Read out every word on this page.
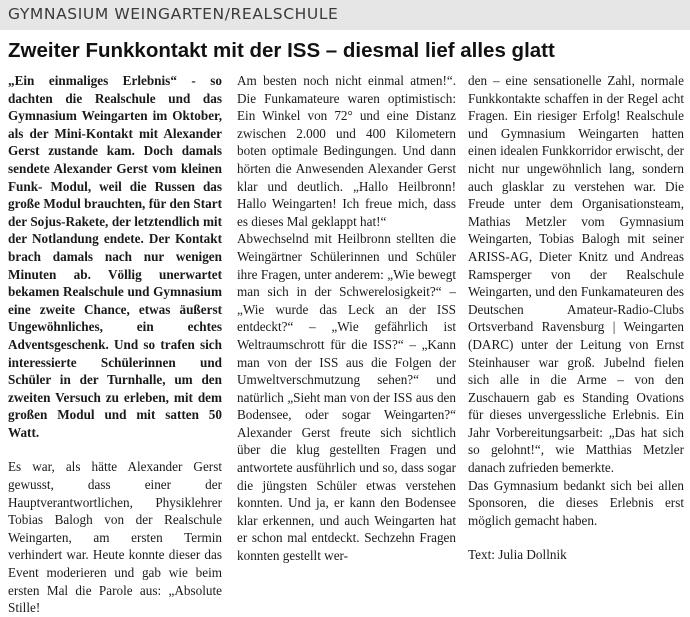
GYMNASIUM WEINGARTEN/REALSCHULE
Zweiter Funkkontakt mit der ISS – diesmal lief alles glatt

„Ein einmaliges Erlebnis“ - so dachten die Realschule und das Gymnasium Weingarten im Oktober, als der Mini-Kontakt mit Alexander Gerst zustande kam. Doch damals sendete Alexander Gerst vom kleinen Funk- Modul, weil die Russen das große Modul brauchten, für den Start der Sojus-Rakete, der letztendlich mit der Notlandung endete. Der Kontakt brach damals nach nur wenigen Minuten ab. Völlig unerwartet bekamen Realschule und Gymnasium eine zweite Chance, etwas äußerst Ungewöhnliches, ein echtes Adventsgeschenk. Und so trafen sich interessierte Schülerinnen und Schüler in der Turnhalle, um den zweiten Versuch zu erleben, mit dem großen Modul und mit satten 50 Watt.

Es war, als hätte Alexander Gerst gewusst, dass einer der Hauptverantwortlichen, Physiklehrer Tobias Balogh von der Realschule Weingarten, am ersten Termin verhindert war. Heute konnte dieser das Event moderieren und gab wie beim ersten Mal die Parole aus: „Absolute Stille!

Am besten noch nicht einmal atmen!“. Die Funkamateure waren optimistisch: Ein Winkel von 72° und eine Distanz zwischen 2.000 und 400 Kilometern boten optimale Bedingungen. Und dann hörten die Anwesenden Alexander Gerst klar und deutlich. „Hallo Heilbronn! Hallo Weingarten! Ich freue mich, dass es dieses Mal geklappt hat!“

Abwechselnd mit Heilbronn stellten die Weingärtner Schülerinnen und Schüler ihre Fragen, unter anderem: „Wie bewegt man sich in der Schwerelosigkeit?“ – „Wie wurde das Leck an der ISS entdeckt?“ – „Wie gefährlich ist Weltraumschrott für die ISS?“ – „Kann man von der ISS aus die Folgen der Umweltverschmutzung sehen?“ und natürlich „Sieht man von der ISS aus den Bodensee, oder sogar Weingarten?“ Alexander Gerst freute sich sichtlich über die klug gestellten Fragen und antwortete ausführlich und so, dass sogar die jüngsten Schüler etwas verstehen konnten. Und ja, er kann den Bodensee klar erkennen, und auch Weingarten hat er schon mal entdeckt. Sechzehn Fragen konnten gestellt wer-

den – eine sensationelle Zahl, normale Funkkontakte schaffen in der Regel acht Fragen. Ein riesiger Erfolg! Realschule und Gymnasium Weingarten hatten einen idealen Funkkorridor erwischt, der nicht nur ungewöhnlich lang, sondern auch glasklar zu verstehen war. Die Freude unter dem Organisationsteam, Mathias Metzler vom Gymnasium Weingarten, Tobias Balogh mit seiner ARISS-AG, Dieter Knitz und Andreas Ramsperger von der Realschule Weingarten, und den Funkamateuren des Deutschen Amateur-Radio-Clubs Ortsverband Ravensburg | Weingarten (DARC) unter der Leitung von Ernst Steinhauser war groß. Jubelnd fielen sich alle in die Arme – von den Zuschauern gab es Standing Ovations für dieses unvergessliche Erlebnis. Ein Jahr Vorbereitungsarbeit: „Das hat sich so gelohnt!“, wie Matthias Metzler danach zufrieden bemerkte.

Das Gymnasium bedankt sich bei allen Sponsoren, die dieses Erlebnis erst möglich gemacht haben.

Text: Julia Dollnik
